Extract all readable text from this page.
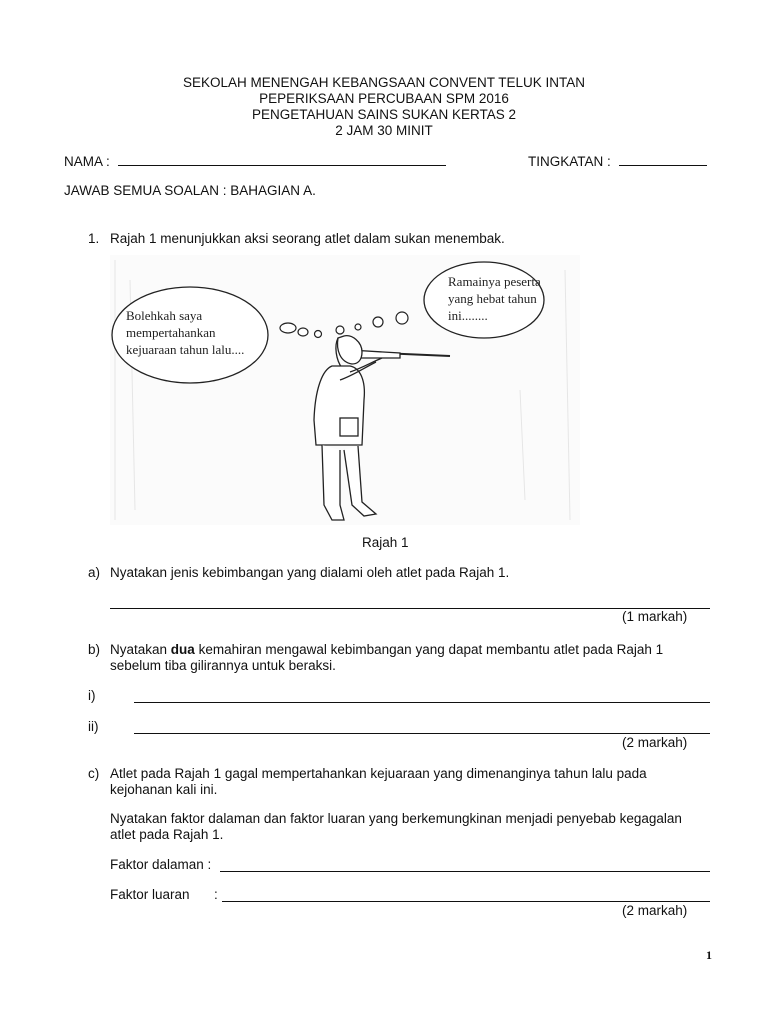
SEKOLAH MENENGAH KEBANGSAAN CONVENT TELUK INTAN
PEPERIKSAAN PERCUBAAN SPM 2016
PENGETAHUAN SAINS SUKAN KERTAS 2
2 JAM 30 MINIT
NAMA :	TINGKATAN :
JAWAB SEMUA SOALAN : BAHAGIAN A.
1. Rajah 1 menunjukkan aksi seorang atlet dalam sukan menembak.
Bolehkah saya
mempertahankan
kejuaraan tahun lalu....
Ramainya peserta
yang hebat tahun
ini........
Rajah 1
a) Nyatakan jenis kebimbangan yang dialami oleh atlet pada Rajah 1.
(1 markah)
b) Nyatakan dua kemahiran mengawal kebimbangan yang dapat membantu atlet pada Rajah 1
sebelum tiba gilirannya untuk beraksi.
i)
ii)
(2 markah)
c) Atlet pada Rajah 1 gagal mempertahankan kejuaraan yang dimenanginya tahun lalu pada
kejohanan kali ini.
Nyatakan faktor dalaman dan faktor luaran yang berkemungkinan menjadi penyebab kegagalan
atlet pada Rajah 1.
Faktor dalaman :
Faktor luaran :
(2 markah)
1
